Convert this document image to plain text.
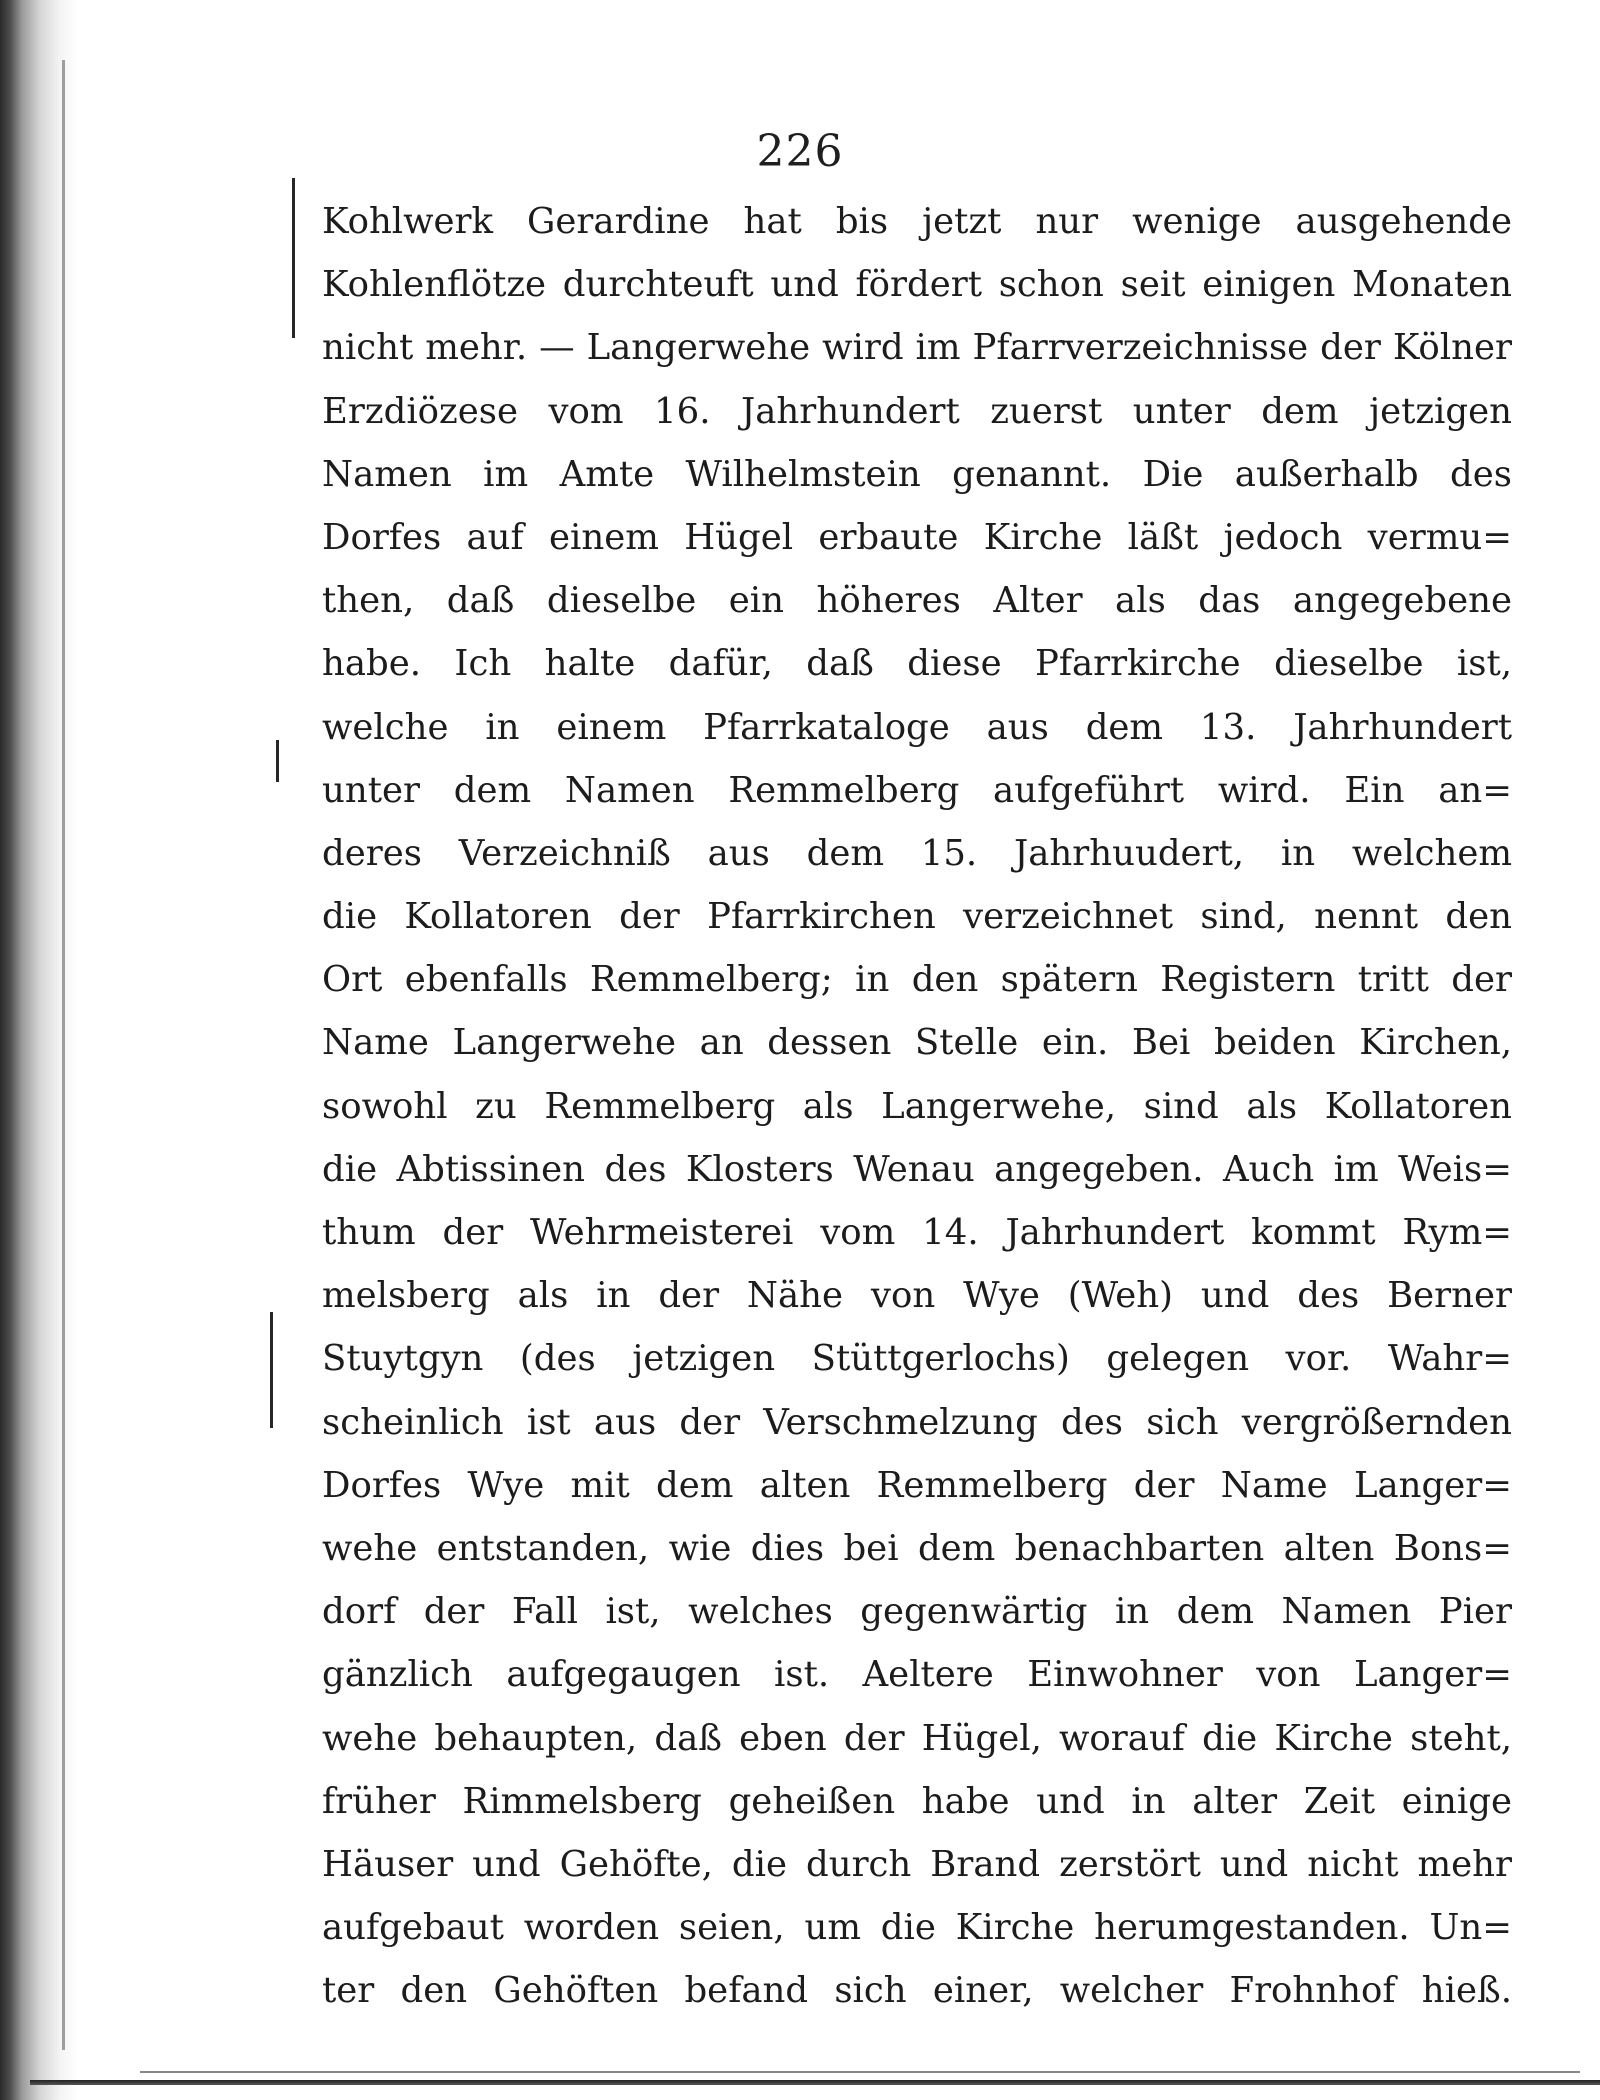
226
Kohlwerk Gerardine hat bis jetzt nur wenige ausgehende
Kohlenflötze durchteuft und fördert schon seit einigen Monaten
nicht mehr. — Langerwehe wird im Pfarrverzeichnisse der Kölner
Erzdiözese vom 16. Jahrhundert zuerst unter dem jetzigen
Namen im Amte Wilhelmstein genannt. Die außerhalb des
Dorfes auf einem Hügel erbaute Kirche läßt jedoch vermu=
then, daß dieselbe ein höheres Alter als das angegebene
habe. Ich halte dafür, daß diese Pfarrkirche dieselbe ist,
welche in einem Pfarrkataloge aus dem 13. Jahrhundert
unter dem Namen Remmelberg aufgeführt wird. Ein an=
deres Verzeichniß aus dem 15. Jahrhuudert, in welchem
die Kollatoren der Pfarrkirchen verzeichnet sind, nennt den
Ort ebenfalls Remmelberg; in den spätern Registern tritt der
Name Langerwehe an dessen Stelle ein. Bei beiden Kirchen,
sowohl zu Remmelberg als Langerwehe, sind als Kollatoren
die Abtissinen des Klosters Wenau angegeben. Auch im Weis=
thum der Wehrmeisterei vom 14. Jahrhundert kommt Rym=
melsberg als in der Nähe von Wye (Weh) und des Berner
Stuytgyn (des jetzigen Stüttgerlochs) gelegen vor. Wahr=
scheinlich ist aus der Verschmelzung des sich vergrößernden
Dorfes Wye mit dem alten Remmelberg der Name Langer=
wehe entstanden, wie dies bei dem benachbarten alten Bons=
dorf der Fall ist, welches gegenwärtig in dem Namen Pier
gänzlich aufgegaugen ist. Aeltere Einwohner von Langer=
wehe behaupten, daß eben der Hügel, worauf die Kirche steht,
früher Rimmelsberg geheißen habe und in alter Zeit einige
Häuser und Gehöfte, die durch Brand zerstört und nicht mehr
aufgebaut worden seien, um die Kirche herumgestanden. Un=
ter den Gehöften befand sich einer, welcher Frohnhof hieß.
